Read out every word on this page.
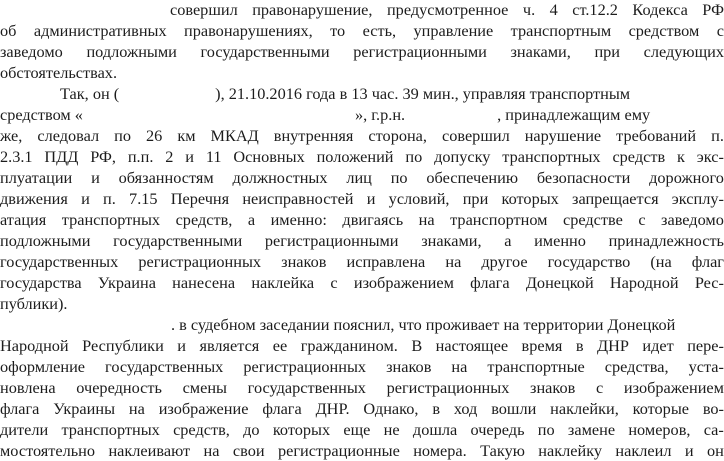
совершил правонарушение, предусмотренное ч. 4 ст.12.2 Кодекса РФ
об административных правонарушениях, то есть, управление транспортным средством с
заведомо подложными государственными регистрационными знаками, при следующих
обстоятельствах.
Так, он (	), 21.10.2016 года в 13 час. 39 мин., управляя транспортным
средством «	», г.р.н.	, принадлежащим ему
же, следовал по 26 км МКАД внутренняя сторона, совершил нарушение требований п.
2.3.1 ПДД РФ, п.п. 2 и 11 Основных положений по допуску транспортных средств к экс-
плуатации и обязанностям должностных лиц по обеспечению безопасности дорожного
движения и п. 7.15 Перечня неисправностей и условий, при которых запрещается эксплу-
атация транспортных средств, а именно: двигаясь на транспортном средстве с заведомо
подложными государственными регистрационными знаками, а именно принадлежность
государственных регистрационных знаков исправлена на другое государство (на флаг
государства Украина нанесена наклейка с изображением флага Донецкой Народной Рес-
публики).
. в судебном заседании пояснил, что проживает на территории Донецкой
Народной Республики и является ее гражданином. В настоящее время в ДНР идет пере-
оформление государственных регистрационных знаков на транспортные средства, уста-
новлена очередность смены государственных регистрационных знаков с изображением
флага Украины на изображение флага ДНР. Однако, в ход вошли наклейки, которые во-
дители транспортных средств, до которых еще не дошла очередь по замене номеров, са-
мостоятельно наклеивают на свои регистрационные номера. Такую наклейку наклеил и он
